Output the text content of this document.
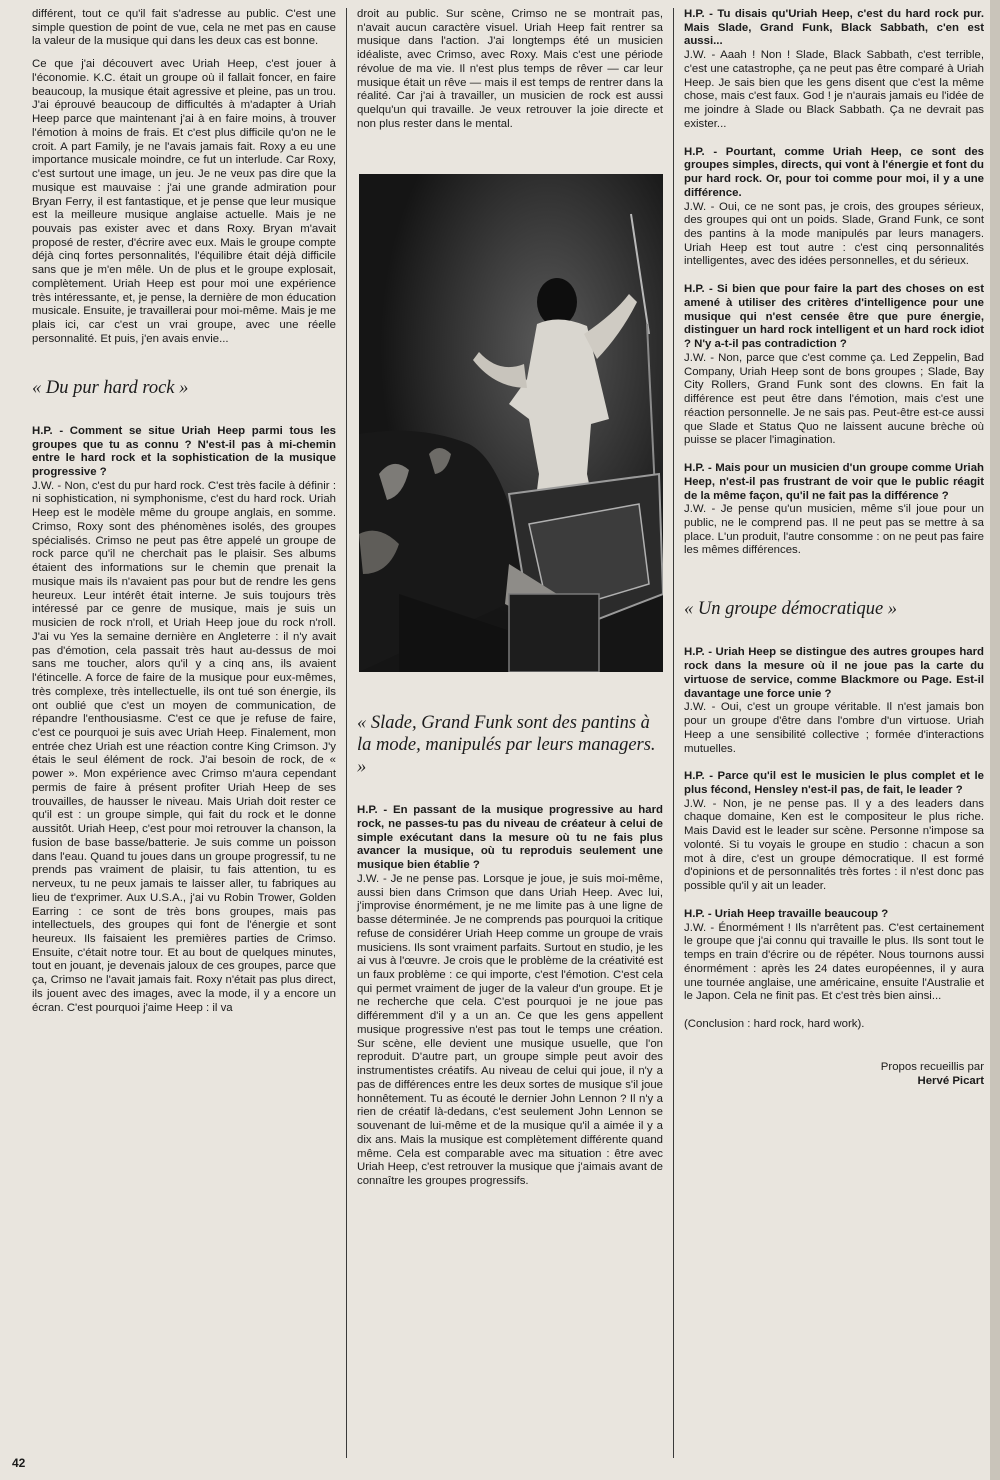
différent, tout ce qu'il fait s'adresse au public. C'est une simple question de point de vue, cela ne met pas en cause la valeur de la musique qui dans les deux cas est bonne.

Ce que j'ai découvert avec Uriah Heep, c'est jouer à l'économie. K.C. était un groupe où il fallait foncer, en faire beaucoup, la musique était agressive et pleine, pas un trou. J'ai éprouvé beaucoup de difficultés à m'adapter à Uriah Heep parce que maintenant j'ai à en faire moins, à trouver l'émotion à moins de frais. Et c'est plus difficile qu'on ne le croit. A part Family, je ne l'avais jamais fait. Roxy a eu une importance musicale moindre, ce fut un interlude. Car Roxy, c'est surtout une image, un jeu. Je ne veux pas dire que la musique est mauvaise : j'ai une grande admiration pour Bryan Ferry, il est fantastique, et je pense que leur musique est la meilleure musique anglaise actuelle. Mais je ne pouvais pas exister avec et dans Roxy. Bryan m'avait proposé de rester, d'écrire avec eux. Mais le groupe compte déjà cinq fortes personnalités, l'équilibre était déjà difficile sans que je m'en mêle. Un de plus et le groupe explosait, complètement. Uriah Heep est pour moi une expérience très intéressante, et, je pense, la dernière de mon éducation musicale. Ensuite, je travaillerai pour moi-même. Mais je me plais ici, car c'est un vrai groupe, avec une réelle personnalité. Et puis, j'en avais envie...

« Du pur hard rock »

H.P. - Comment se situe Uriah Heep parmi tous les groupes que tu as connu ? N'est-il pas à mi-chemin entre le hard rock et la sophistication de la musique progressive ?

J.W. - Non, c'est du pur hard rock. C'est très facile à définir : ni sophistication, ni symphonisme, c'est du hard rock. Uriah Heep est le modèle même du groupe anglais, en somme. Crimso, Roxy sont des phénomènes isolés, des groupes spécialisés. Crimso ne peut pas être appelé un groupe de rock parce qu'il ne cherchait pas le plaisir. Ses albums étaient des informations sur le chemin que prenait la musique mais ils n'avaient pas pour but de rendre les gens heureux. Leur intérêt était interne. Je suis toujours très intéressé par ce genre de musique, mais je suis un musicien de rock n'roll, et Uriah Heep joue du rock n'roll. J'ai vu Yes la semaine dernière en Angleterre : il n'y avait pas d'émotion, cela passait très haut au-dessus de moi sans me toucher, alors qu'il y a cinq ans, ils avaient l'étincelle. A force de faire de la musique pour eux-mêmes, très complexe, très intellectuelle, ils ont tué son énergie, ils ont oublié que c'est un moyen de communication, de répandre l'enthousiasme. C'est ce que je refuse de faire, c'est ce pourquoi je suis avec Uriah Heep. Finalement, mon entrée chez Uriah est une réaction contre King Crimson. J'y étais le seul élément de rock. J'ai besoin de rock, de « power ». Mon expérience avec Crimso m'aura cependant permis de faire à présent profiter Uriah Heep de ses trouvailles, de hausser le niveau. Mais Uriah doit rester ce qu'il est : un groupe simple, qui fait du rock et le donne aussitôt. Uriah Heep, c'est pour moi retrouver la chanson, la fusion de base basse/batterie. Je suis comme un poisson dans l'eau. Quand tu joues dans un groupe progressif, tu ne prends pas vraiment de plaisir, tu fais attention, tu es nerveux, tu ne peux jamais te laisser aller, tu fabriques au lieu de t'exprimer. Aux U.S.A., j'ai vu Robin Trower, Golden Earring : ce sont de très bons groupes, mais pas intellectuels, des groupes qui font de l'énergie et sont heureux. Ils faisaient les premières parties de Crimso. Ensuite, c'était notre tour. Et au bout de quelques minutes, tout en jouant, je devenais jaloux de ces groupes, parce que ça, Crimso ne l'avait jamais fait. Roxy n'était pas plus direct, ils jouent avec des images, avec la mode, il y a encore un écran. C'est pourquoi j'aime Heep : il va

droit au public. Sur scène, Crimso ne se montrait pas, n'avait aucun caractère visuel. Uriah Heep fait rentrer sa musique dans l'action. J'ai longtemps été un musicien idéaliste, avec Crimso, avec Roxy. Mais c'est une période révolue de ma vie. Il n'est plus temps de rêver — car leur musique était un rêve — mais il est temps de rentrer dans la réalité. Car j'ai à travailler, un musicien de rock est aussi quelqu'un qui travaille. Je veux retrouver la joie directe et non plus rester dans le mental.

« Slade, Grand Funk sont des pantins à la mode, manipulés par leurs managers. »

H.P. - En passant de la musique progressive au hard rock, ne passes-tu pas du niveau de créateur à celui de simple exécutant dans la mesure où tu ne fais plus avancer la musique, où tu reproduis seulement une musique bien établie ?

J.W. - Je ne pense pas. Lorsque je joue, je suis moi-même, aussi bien dans Crimson que dans Uriah Heep. Avec lui, j'improvise énormément, je ne me limite pas à une ligne de basse déterminée. Je ne comprends pas pourquoi la critique refuse de considérer Uriah Heep comme un groupe de vrais musiciens. Ils sont vraiment parfaits. Surtout en studio, je les ai vus à l'œuvre. Je crois que le problème de la créativité est un faux problème : ce qui importe, c'est l'émotion. C'est cela qui permet vraiment de juger de la valeur d'un groupe. Et je ne recherche que cela. C'est pourquoi je ne joue pas différemment d'il y a un an. Ce que les gens appellent musique progressive n'est pas tout le temps une création. Sur scène, elle devient une musique usuelle, que l'on reproduit. D'autre part, un groupe simple peut avoir des instrumentistes créatifs. Au niveau de celui qui joue, il n'y a pas de différences entre les deux sortes de musique s'il joue honnêtement. Tu as écouté le dernier John Lennon ? Il n'y a rien de créatif là-dedans, c'est seulement John Lennon se souvenant de lui-même et de la musique qu'il a aimée il y a dix ans. Mais la musique est complètement différente quand même. Cela est comparable avec ma situation : être avec Uriah Heep, c'est retrouver la musique que j'aimais avant de connaître les groupes progressifs.

H.P. - Tu disais qu'Uriah Heep, c'est du hard rock pur. Mais Slade, Grand Funk, Black Sabbath, c'en est aussi...

J.W. - Aaah ! Non ! Slade, Black Sabbath, c'est terrible, c'est une catastrophe, ça ne peut pas être comparé à Uriah Heep. Je sais bien que les gens disent que c'est la même chose, mais c'est faux. God ! je n'aurais jamais eu l'idée de me joindre à Slade ou Black Sabbath. Ça ne devrait pas exister...

H.P. - Pourtant, comme Uriah Heep, ce sont des groupes simples, directs, qui vont à l'énergie et font du pur hard rock. Or, pour toi comme pour moi, il y a une différence.

J.W. - Oui, ce ne sont pas, je crois, des groupes sérieux, des groupes qui ont un poids. Slade, Grand Funk, ce sont des pantins à la mode manipulés par leurs managers. Uriah Heep est tout autre : c'est cinq personnalités intelligentes, avec des idées personnelles, et du sérieux.

H.P. - Si bien que pour faire la part des choses on est amené à utiliser des critères d'intelligence pour une musique qui n'est censée être que pure énergie, distinguer un hard rock intelligent et un hard rock idiot ? N'y a-t-il pas contradiction ?

J.W. - Non, parce que c'est comme ça. Led Zeppelin, Bad Company, Uriah Heep sont de bons groupes ; Slade, Bay City Rollers, Grand Funk sont des clowns. En fait la différence est peut être dans l'émotion, mais c'est une réaction personnelle. Je ne sais pas. Peut-être est-ce aussi que Slade et Status Quo ne laissent aucune brèche où puisse se placer l'imagination.

H.P. - Mais pour un musicien d'un groupe comme Uriah Heep, n'est-il pas frustrant de voir que le public réagit de la même façon, qu'il ne fait pas la différence ?

J.W. - Je pense qu'un musicien, même s'il joue pour un public, ne le comprend pas. Il ne peut pas se mettre à sa place. L'un produit, l'autre consomme : on ne peut pas faire les mêmes différences.

« Un groupe démocratique »

H.P. - Uriah Heep se distingue des autres groupes hard rock dans la mesure où il ne joue pas la carte du virtuose de service, comme Blackmore ou Page. Est-il davantage une force unie ?

J.W. - Oui, c'est un groupe véritable. Il n'est jamais bon pour un groupe d'être dans l'ombre d'un virtuose. Uriah Heep a une sensibilité collective ; formée d'interactions mutuelles.

H.P. - Parce qu'il est le musicien le plus complet et le plus fécond, Hensley n'est-il pas, de fait, le leader ?

J.W. - Non, je ne pense pas. Il y a des leaders dans chaque domaine, Ken est le compositeur le plus riche. Mais David est le leader sur scène. Personne n'impose sa volonté. Si tu voyais le groupe en studio : chacun a son mot à dire, c'est un groupe démocratique. Il est formé d'opinions et de personnalités très fortes : il n'est donc pas possible qu'il y ait un leader.

H.P. - Uriah Heep travaille beaucoup ?

J.W. - Énormément ! Ils n'arrêtent pas. C'est certainement le groupe que j'ai connu qui travaille le plus. Ils sont tout le temps en train d'écrire ou de répéter. Nous tournons aussi énormément : après les 24 dates européennes, il y aura une tournée anglaise, une américaine, ensuite l'Australie et le Japon. Cela ne finit pas. Et c'est très bien ainsi...

(Conclusion : hard rock, hard work).

Propos recueillis par
Hervé Picart
42
